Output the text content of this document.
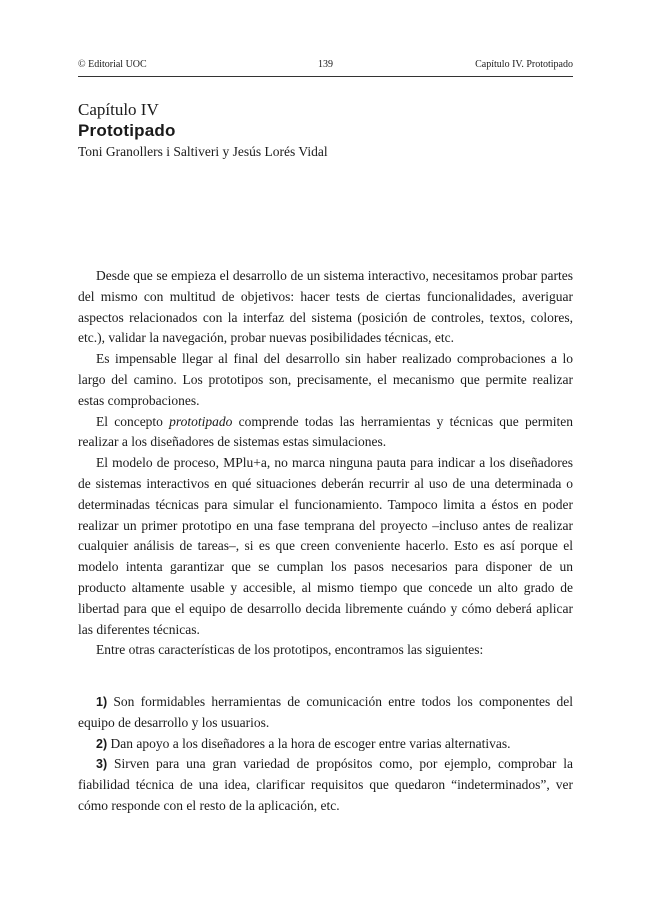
© Editorial UOC	139	Capítulo IV. Prototipado
Capítulo IV
Prototipado
Toni Granollers i Saltiveri y Jesús Lorés Vidal

Desde que se empieza el desarrollo de un sistema interactivo, necesitamos probar partes del mismo con multitud de objetivos: hacer tests de ciertas funcionalidades, averiguar aspectos relacionados con la interfaz del sistema (posición de controles, textos, colores, etc.), validar la navegación, probar nuevas posibilidades técnicas, etc.

Es impensable llegar al final del desarrollo sin haber realizado comprobaciones a lo largo del camino. Los prototipos son, precisamente, el mecanismo que permite realizar estas comprobaciones.

El concepto prototipado comprende todas las herramientas y técnicas que permiten realizar a los diseñadores de sistemas estas simulaciones.

El modelo de proceso, MPlu+a, no marca ninguna pauta para indicar a los diseñadores de sistemas interactivos en qué situaciones deberán recurrir al uso de una determinada o determinadas técnicas para simular el funcionamiento. Tampoco limita a éstos en poder realizar un primer prototipo en una fase temprana del proyecto –incluso antes de realizar cualquier análisis de tareas–, si es que creen conveniente hacerlo. Esto es así porque el modelo intenta garantizar que se cumplan los pasos necesarios para disponer de un producto altamente usable y accesible, al mismo tiempo que concede un alto grado de libertad para que el equipo de desarrollo decida libremente cuándo y cómo deberá aplicar las diferentes técnicas.

Entre otras características de los prototipos, encontramos las siguientes:

1) Son formidables herramientas de comunicación entre todos los componentes del equipo de desarrollo y los usuarios.

2) Dan apoyo a los diseñadores a la hora de escoger entre varias alternativas.

3) Sirven para una gran variedad de propósitos como, por ejemplo, comprobar la fiabilidad técnica de una idea, clarificar requisitos que quedaron “indeterminados”, ver cómo responde con el resto de la aplicación, etc.
